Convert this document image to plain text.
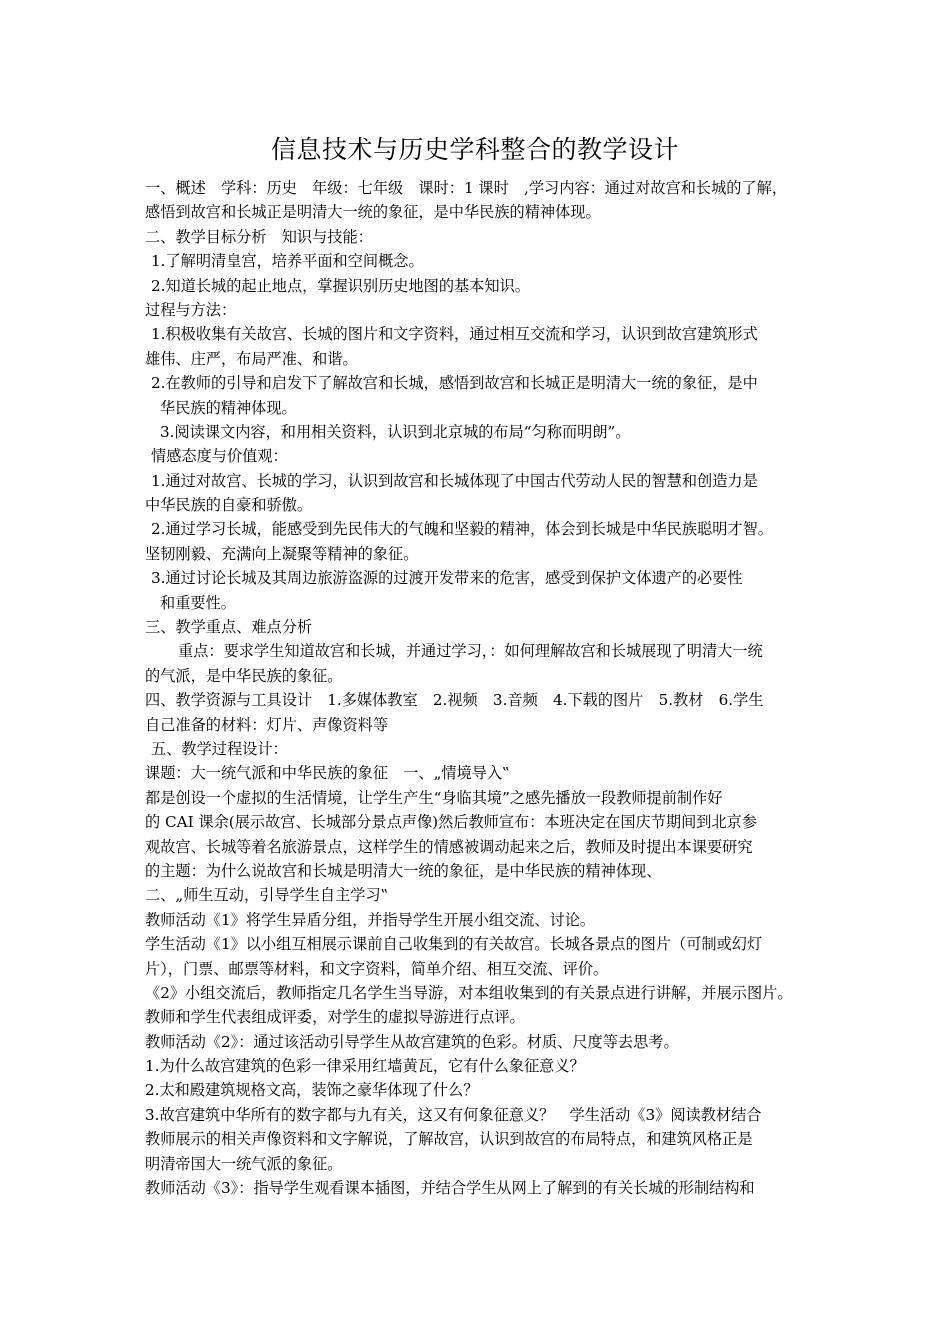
信息技术与历史学科整合的教学设计
一、概述　学科：历史　年级：七年级　课时：1 课时　,学习内容：通过对故宫和长城的了解，
感悟到故宫和长城正是明清大一统的象征，是中华民族的精神体现。
二、教学目标分析　知识与技能：
1.了解明清皇宫，培养平面和空间概念。
2.知道长城的起止地点，掌握识别历史地图的基本知识。
过程与方法：
1.积极收集有关故宫、长城的图片和文字资料，通过相互交流和学习，认识到故宫建筑形式
雄伟、庄严，布局严准、和谐。
2.在教师的引导和启发下了解故宫和长城，感悟到故宫和长城正是明清大一统的象征，是中
华民族的精神体现。
3.阅读课文内容，和用相关资料，认识到北京城的布局“匀称而明朗”。
情感态度与价值观：
1.通过对故宫、长城的学习，认识到故宫和长城体现了中国古代劳动人民的智慧和创造力是
中华民族的自豪和骄傲。
2.通过学习长城，能感受到先民伟大的气魄和坚毅的精神，体会到长城是中华民族聪明才智。
坚韧刚毅、充满向上凝聚等精神的象征。
3.通过讨论长城及其周边旅游盗源的过渡开发带来的危害，感受到保护文体遗产的必要性
和重要性。
三、教学重点、难点分析
重点：要求学生知道故宫和长城，并通过学习，：如何理解故宫和长城展现了明清大一统
的气派，是中华民族的象征。
四、教学资源与工具设计　1.多媒体教室　2.视频　3.音频　4.下载的图片　5.教材　6.学生
自己准备的材料：灯片、声像资料等
五、教学过程设计：
课题：大一统气派和中华民族的象征　一、„情境导入‟
都是创设一个虚拟的生活情境，让学生产生“身临其境”之感先播放一段教师提前制作好
的 CAI 课余(展示故宫、长城部分景点声像)然后教师宣布：本班决定在国庆节期间到北京参
观故宫、长城等着名旅游景点，这样学生的情感被调动起来之后，教师及时提出本课要研究
的主题：为什么说故宫和长城是明清大一统的象征，是中华民族的精神体现、
二、„师生互动，引导学生自主学习‟
教师活动《1》将学生异盾分组，并指导学生开展小组交流、讨论。
学生活动《1》以小组互相展示课前自己收集到的有关故宫。长城各景点的图片（可制或幻灯
片），门票、邮票等材料，和文字资料，简单介绍、相互交流、评价。
《2》小组交流后，教师指定几名学生当导游，对本组收集到的有关景点进行讲解，并展示图片。
教师和学生代表组成评委，对学生的虚拟导游进行点评。
教师活动《2》：通过该活动引导学生从故宫建筑的色彩。材质、尺度等去思考。
1.为什么故宫建筑的色彩一律采用红墙黄瓦，它有什么象征意义？
2.太和殿建筑规格文高，装饰之豪华体现了什么？
3.故宫建筑中华所有的数字都与九有关，这又有何象征意义？　学生活动《3》阅读教材结合
教师展示的相关声像资料和文字解说，了解故宫，认识到故宫的布局特点，和建筑风格正是
明清帝国大一统气派的象征。
教师活动《3》：指导学生观看课本插图，并结合学生从网上了解到的有关长城的形制结构和
